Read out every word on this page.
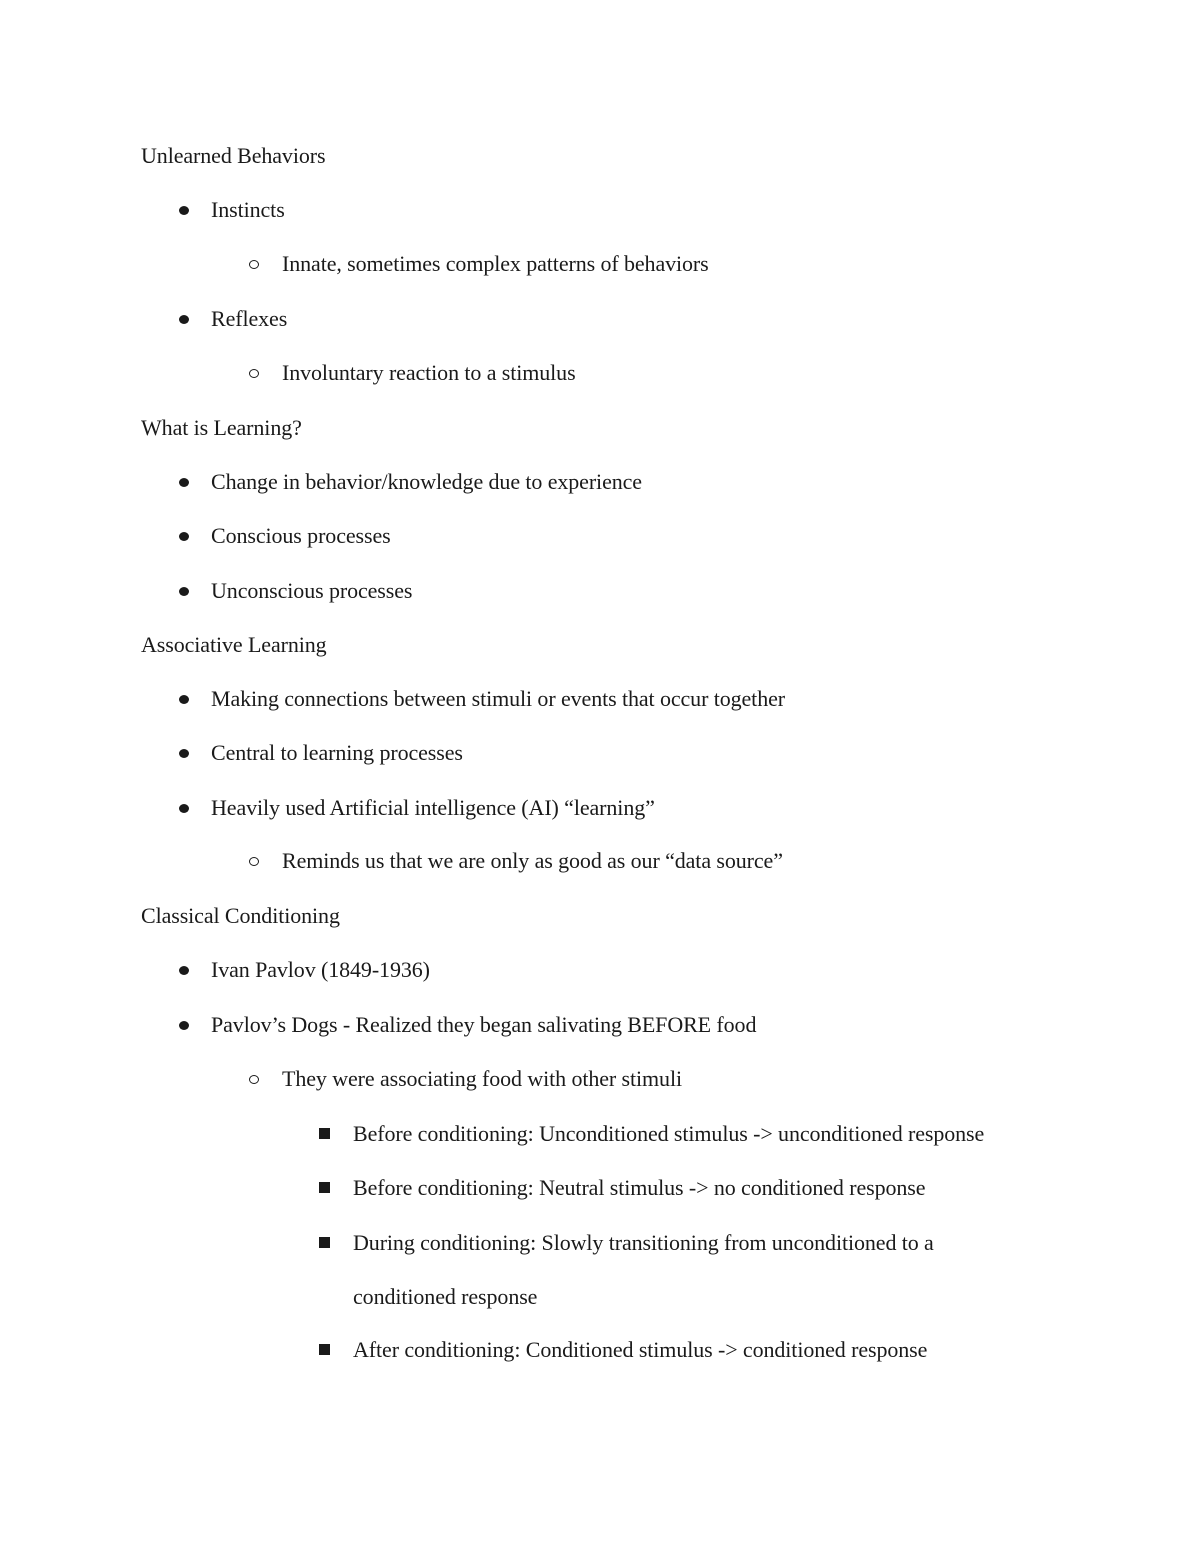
Unlearned Behaviors
Instincts
Innate, sometimes complex patterns of behaviors
Reflexes
Involuntary reaction to a stimulus
What is Learning?
Change in behavior/knowledge due to experience
Conscious processes
Unconscious processes
Associative Learning
Making connections between stimuli or events that occur together
Central to learning processes
Heavily used Artificial intelligence (AI) “learning”
Reminds us that we are only as good as our “data source”
Classical Conditioning
Ivan Pavlov (1849-1936)
Pavlov’s Dogs - Realized they began salivating BEFORE food
They were associating food with other stimuli
Before conditioning: Unconditioned stimulus -> unconditioned response
Before conditioning: Neutral stimulus -> no conditioned response
During conditioning: Slowly transitioning from unconditioned to a
conditioned response
After conditioning: Conditioned stimulus -> conditioned response
